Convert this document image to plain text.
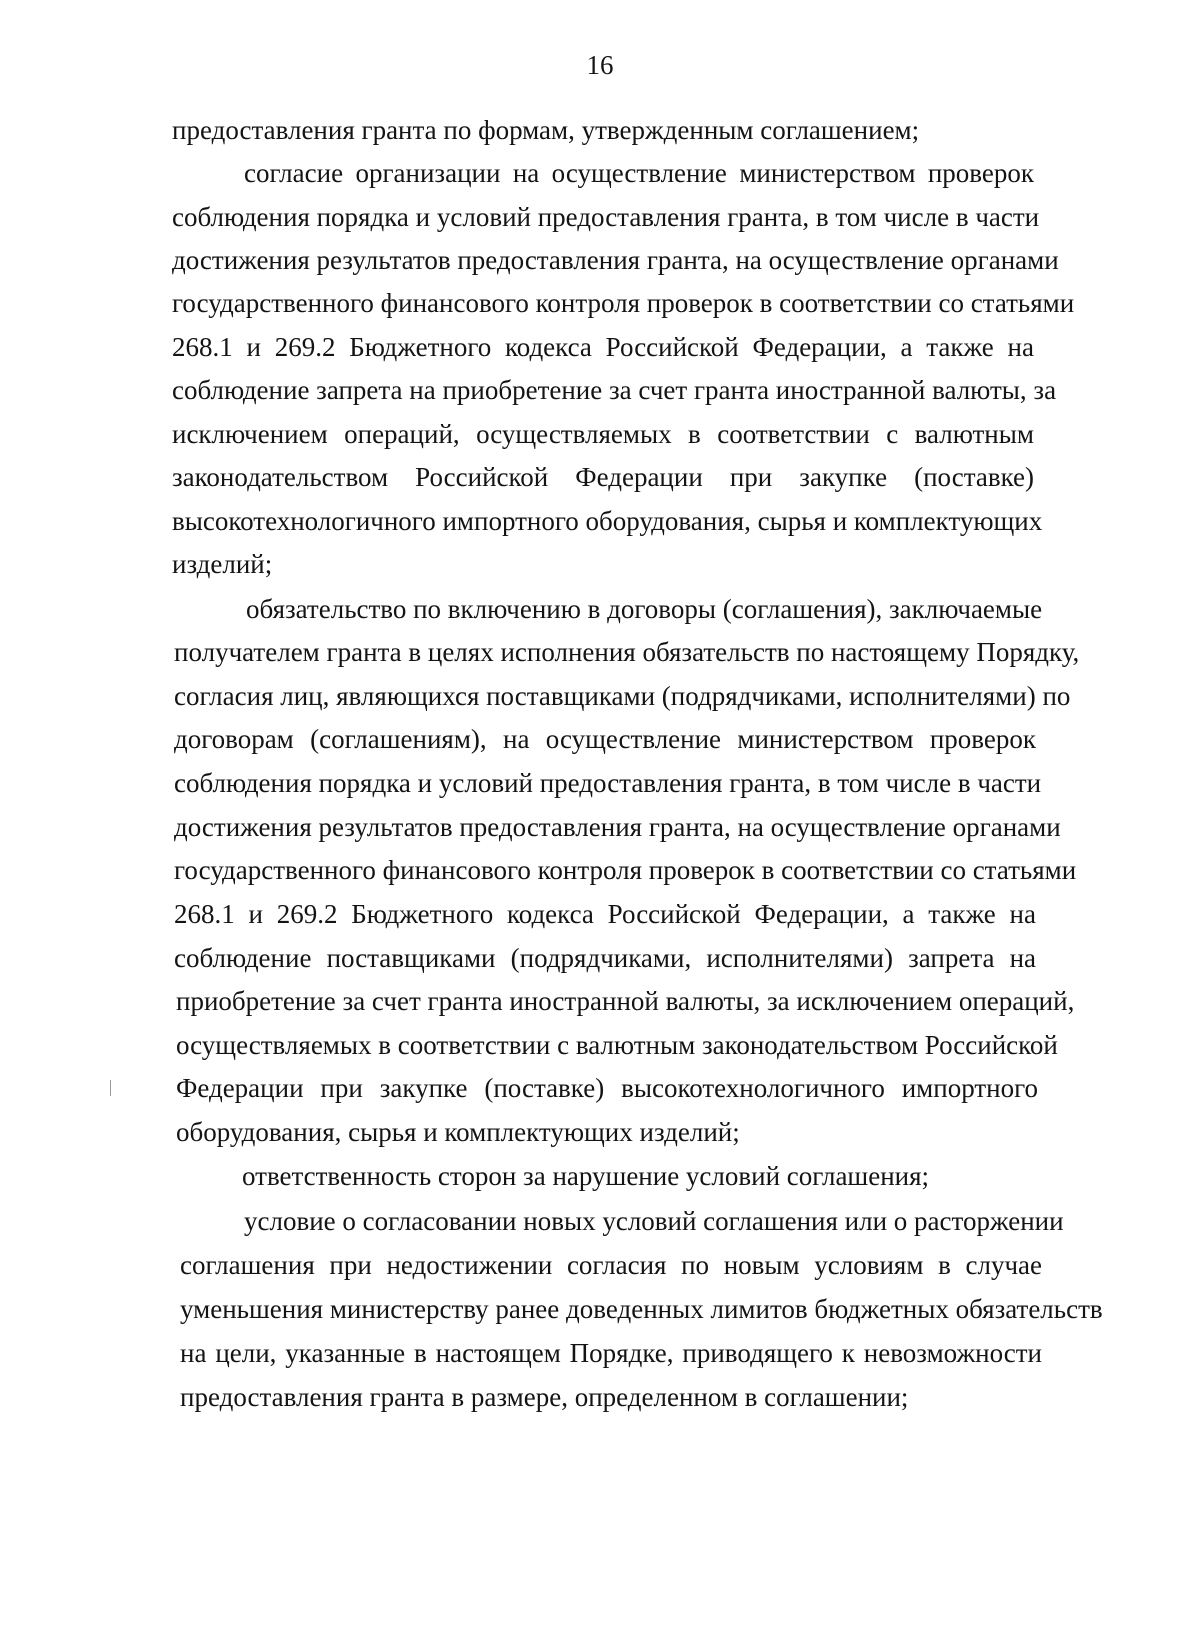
16
предоставления гранта по формам, утвержденным соглашением;
согласие организации на осуществление министерством проверок
соблюдения порядка и условий предоставления гранта, в том числе в части
достижения результатов предоставления гранта, на осуществление органами
государственного финансового контроля проверок в соответствии со статьями
268.1 и 269.2 Бюджетного кодекса Российской Федерации, а также на
соблюдение запрета на приобретение за счет гранта иностранной валюты, за
исключением операций, осуществляемых в соответствии с валютным
законодательством Российской Федерации при закупке (поставке)
высокотехнологичного импортного оборудования, сырья и комплектующих
изделий;
обязательство по включению в договоры (соглашения), заключаемые
получателем гранта в целях исполнения обязательств по настоящему Порядку,
согласия лиц, являющихся поставщиками (подрядчиками, исполнителями) по
договорам (соглашениям), на осуществление министерством проверок
соблюдения порядка и условий предоставления гранта, в том числе в части
достижения результатов предоставления гранта, на осуществление органами
государственного финансового контроля проверок в соответствии со статьями
268.1 и 269.2 Бюджетного кодекса Российской Федерации, а также на
соблюдение поставщиками (подрядчиками, исполнителями) запрета на
приобретение за счет гранта иностранной валюты, за исключением операций,
осуществляемых в соответствии с валютным законодательством Российской
Федерации при закупке (поставке) высокотехнологичного импортного
оборудования, сырья и комплектующих изделий;
ответственность сторон за нарушение условий соглашения;
условие о согласовании новых условий соглашения или о расторжении
соглашения при недостижении согласия по новым условиям в случае
уменьшения министерству ранее доведенных лимитов бюджетных обязательств
на цели, указанные в настоящем Порядке, приводящего к невозможности
предоставления гранта в размере, определенном в соглашении;
